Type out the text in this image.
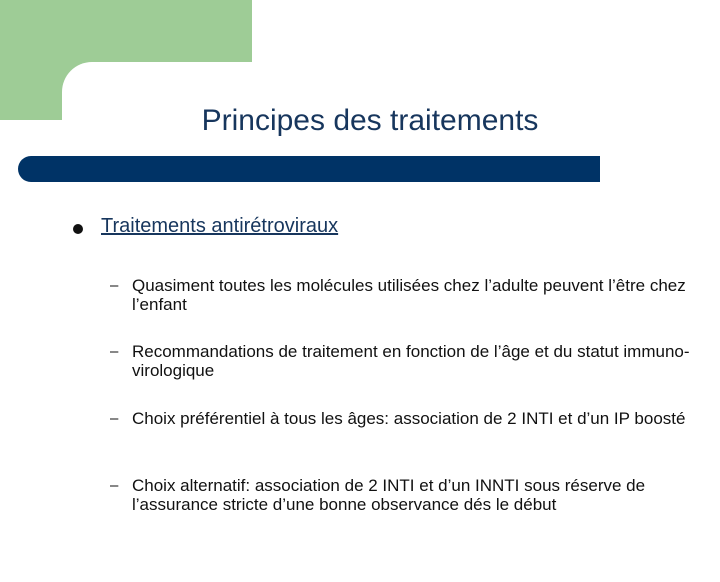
Principes des traitements
Traitements antirétroviraux
– Quasiment toutes les molécules utilisées chez l’adulte peuvent l’être chez l’enfant
– Recommandations de traitement en fonction de l’âge et du statut immuno-virologique
– Choix préférentiel à tous les âges: association de 2 INTI et d’un IP boosté
– Choix alternatif: association de 2 INTI et d’un INNTI sous réserve de l’assurance stricte d’une bonne observance dés le début
